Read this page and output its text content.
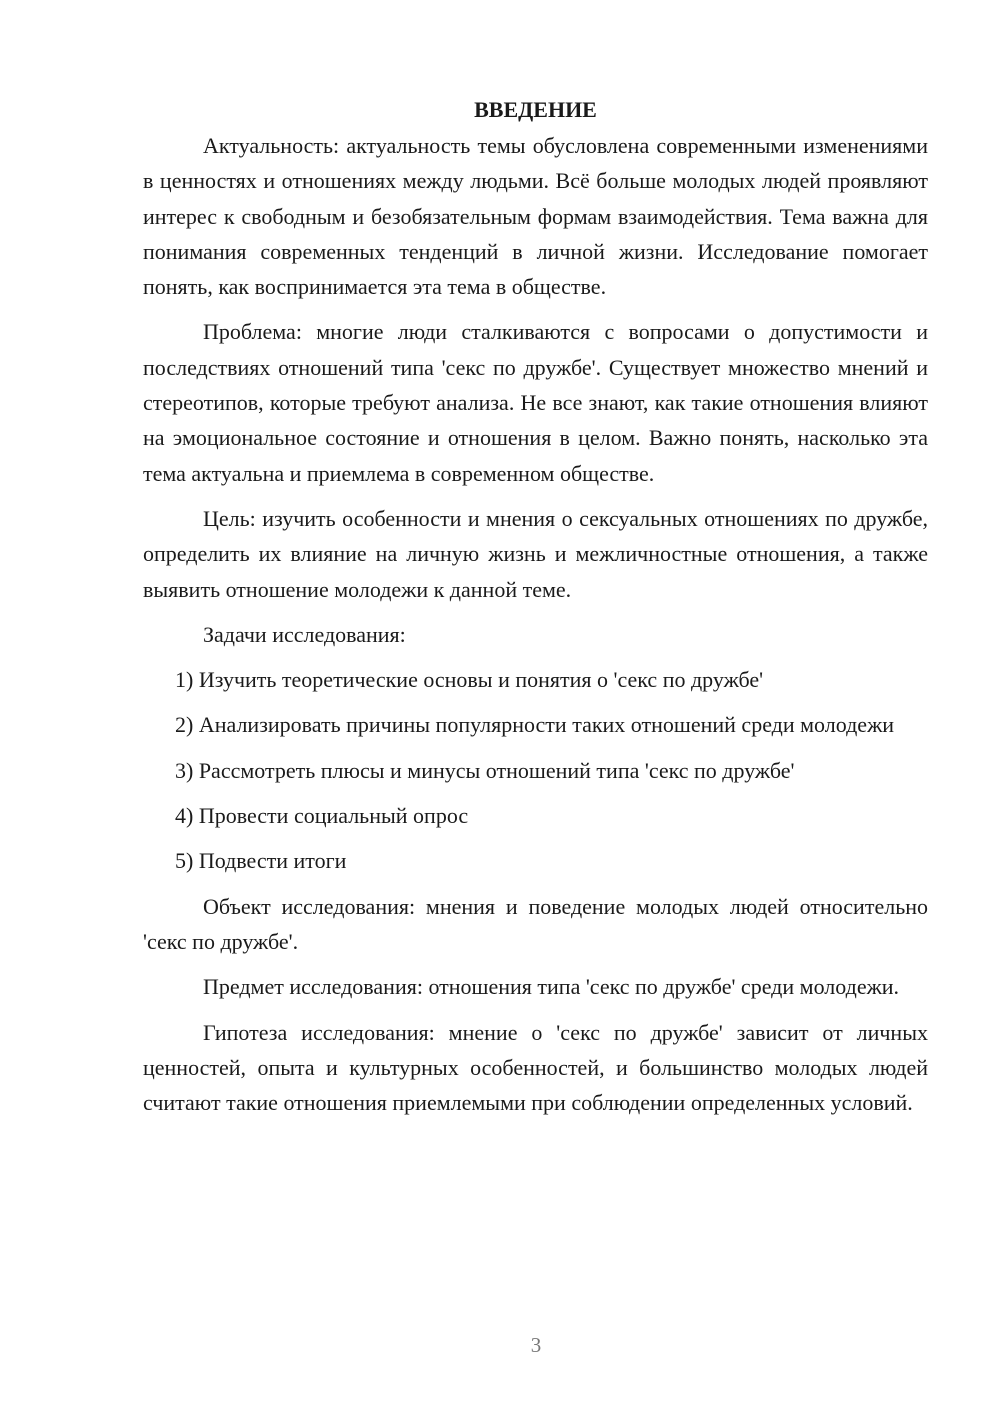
ВВЕДЕНИЕ

Актуальность: актуальность темы обусловлена современными изменениями в ценностях и отношениях между людьми. Всё больше молодых людей проявляют интерес к свободным и безобязательным формам взаимодействия. Тема важна для понимания современных тенденций в личной жизни. Исследование помогает понять, как воспринимается эта тема в обществе.

Проблема: многие люди сталкиваются с вопросами о допустимости и последствиях отношений типа 'секс по дружбе'. Существует множество мнений и стереотипов, которые требуют анализа. Не все знают, как такие отношения влияют на эмоциональное состояние и отношения в целом. Важно понять, насколько эта тема актуальна и приемлема в современном обществе.

Цель: изучить особенности и мнения о сексуальных отношениях по дружбе, определить их влияние на личную жизнь и межличностные отношения, а также выявить отношение молодежи к данной теме.

Задачи исследования:

1) Изучить теоретические основы и понятия о 'секс по дружбе'

2) Анализировать причины популярности таких отношений среди молодежи

3) Рассмотреть плюсы и минусы отношений типа 'секс по дружбе'

4) Провести социальный опрос

5) Подвести итоги

Объект исследования: мнения и поведение молодых людей относительно 'секс по дружбе'.

Предмет исследования: отношения типа 'секс по дружбе' среди молодежи.

Гипотеза исследования: мнение о 'секс по дружбе' зависит от личных ценностей, опыта и культурных особенностей, и большинство молодых людей считают такие отношения приемлемыми при соблюдении определенных условий.

3
